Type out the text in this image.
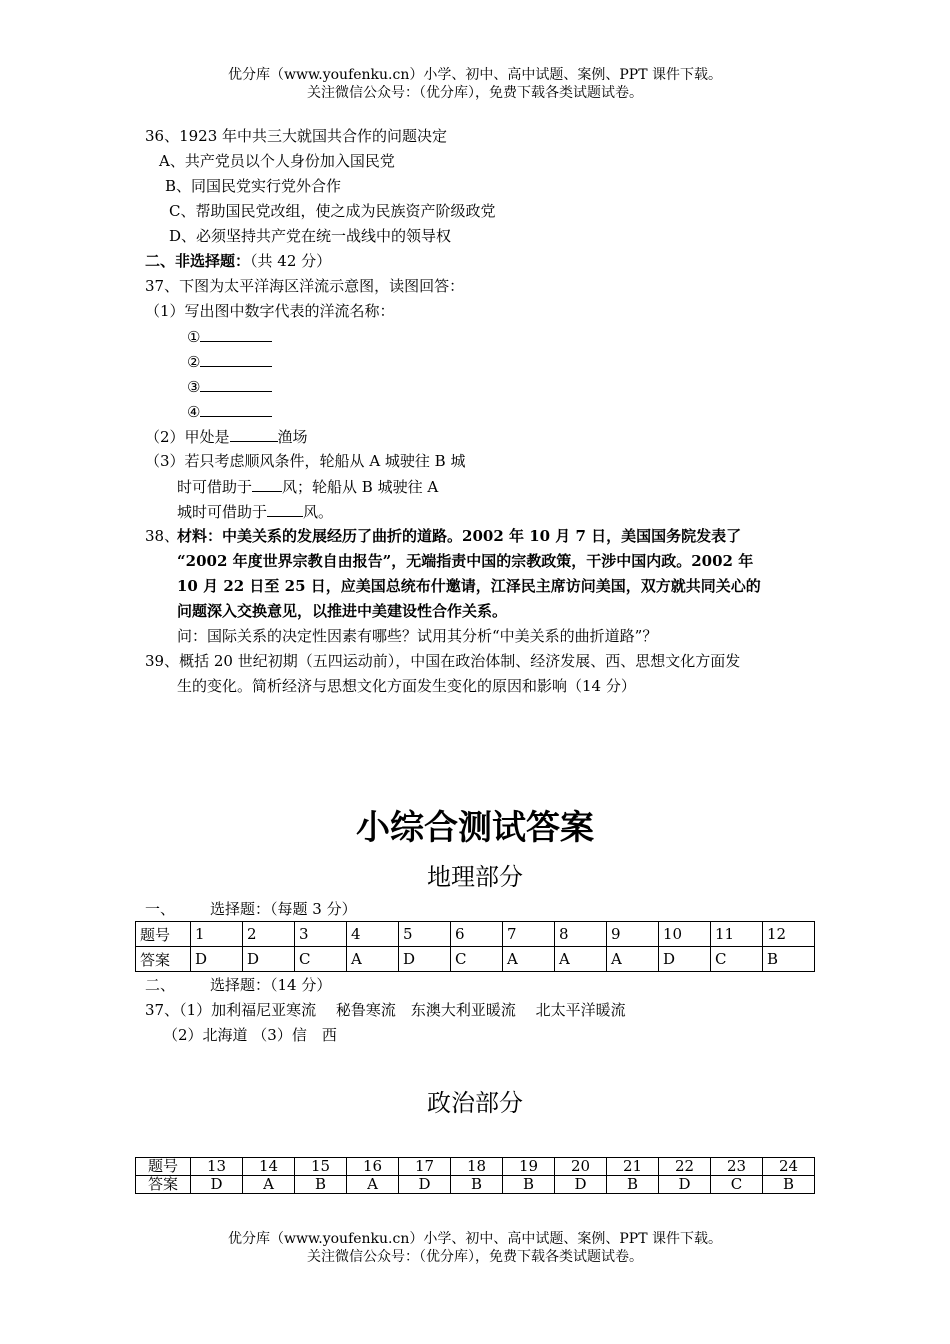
优分库（www.youfenku.cn）小学、初中、高中试题、案例、PPT 课件下载。
关注微信公众号：（优分库），免费下载各类试题试卷。
36、1923 年中共三大就国共合作的问题决定
A、共产党员以个人身份加入国民党
B、同国民党实行党外合作
C、帮助国民党改组，使之成为民族资产阶级政党
D、必须坚持共产党在统一战线中的领导权
二、非选择题：（共 42 分）
37、下图为太平洋海区洋流示意图，读图回答：
（1）写出图中数字代表的洋流名称：
①
②
③
④
（2）甲处是	渔场
（3）若只考虑顺风条件，轮船从 A 城驶往 B 城
时可借助于 风；轮船从 B 城驶往 A
城时可借助于 风。
38、
材料：中美关系的发展经历了曲折的道路。2002 年 10 月 7 日，美国国务院发表了
“2002 年度世界宗教自由报告”，无端指责中国的宗教政策，干涉中国内政。2002 年
10 月 22 日至 25 日，应美国总统布什邀请，江泽民主席访问美国，双方就共同关心的
问题深入交换意见，以推进中美建设性合作关系。
问：国际关系的决定性因素有哪些？试用其分析“中美关系的曲折道路”？
39、概括 20 世纪初期（五四运动前），中国在政治体制、经济发展、西、思想文化方面发
生的变化。简析经济与思想文化方面发生变化的原因和影响（14 分）
小综合测试答案
地理部分
一、 选择题：（每题 3 分）
题号	1	2	3	4	5	6	7	8	9	10	11	12
答案	D	D	C	A	D	C	A	A	A	D	C	B
二、 选择题：（14 分）
37、（1）加利福尼亚寒流　 秘鲁寒流　东澳大利亚暖流　 北太平洋暖流
（2）北海道 （3）信　西
政治部分
题号	13	14	15	16	17	18	19	20	21	22	23	24
答案	D	A	B	A	D	B	B	D	B	D	C	B
优分库（www.youfenku.cn）小学、初中、高中试题、案例、PPT 课件下载。
关注微信公众号：（优分库），免费下载各类试题试卷。
